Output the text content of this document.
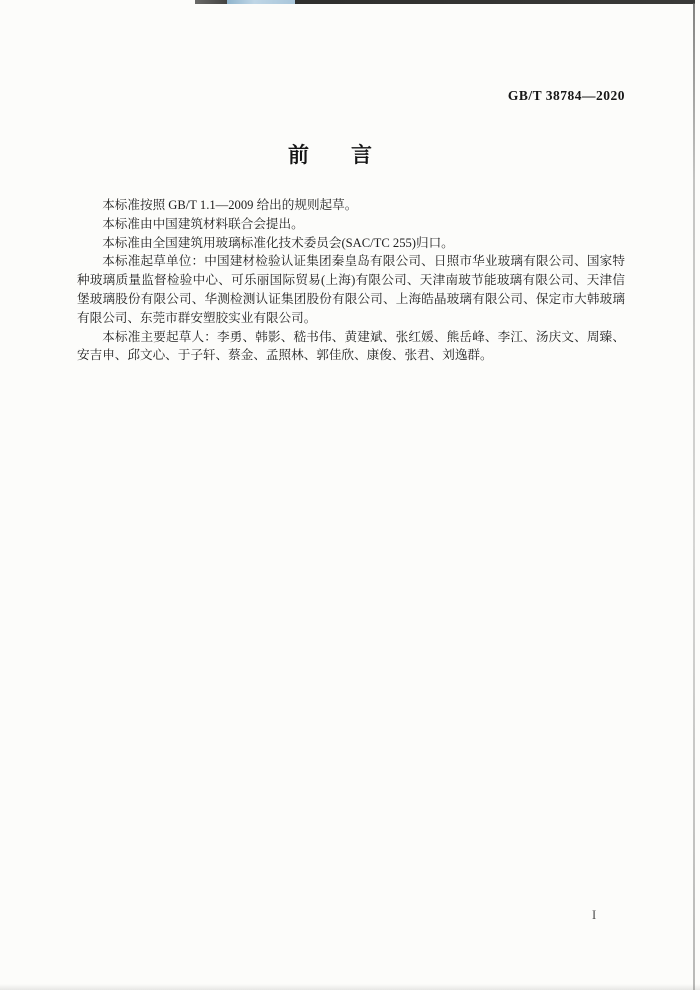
GB/T 38784—2020
前　　言

本标准按照 GB/T 1.1—2009 给出的规则起草。

本标准由中国建筑材料联合会提出。

本标准由全国建筑用玻璃标准化技术委员会(SAC/TC 255)归口。

本标准起草单位：中国建材检验认证集团秦皇岛有限公司、日照市华业玻璃有限公司、国家特种玻璃质量监督检验中心、可乐丽国际贸易(上海)有限公司、天津南玻节能玻璃有限公司、天津信堡玻璃股份有限公司、华测检测认证集团股份有限公司、上海皓晶玻璃有限公司、保定市大韩玻璃有限公司、东莞市群安塑胶实业有限公司。

本标准主要起草人：李勇、韩影、嵇书伟、黄建斌、张红媛、熊岳峰、李江、汤庆文、周臻、安吉申、邱文心、于子轩、蔡金、孟照林、郭佳欣、康俊、张君、刘逸群。

I
